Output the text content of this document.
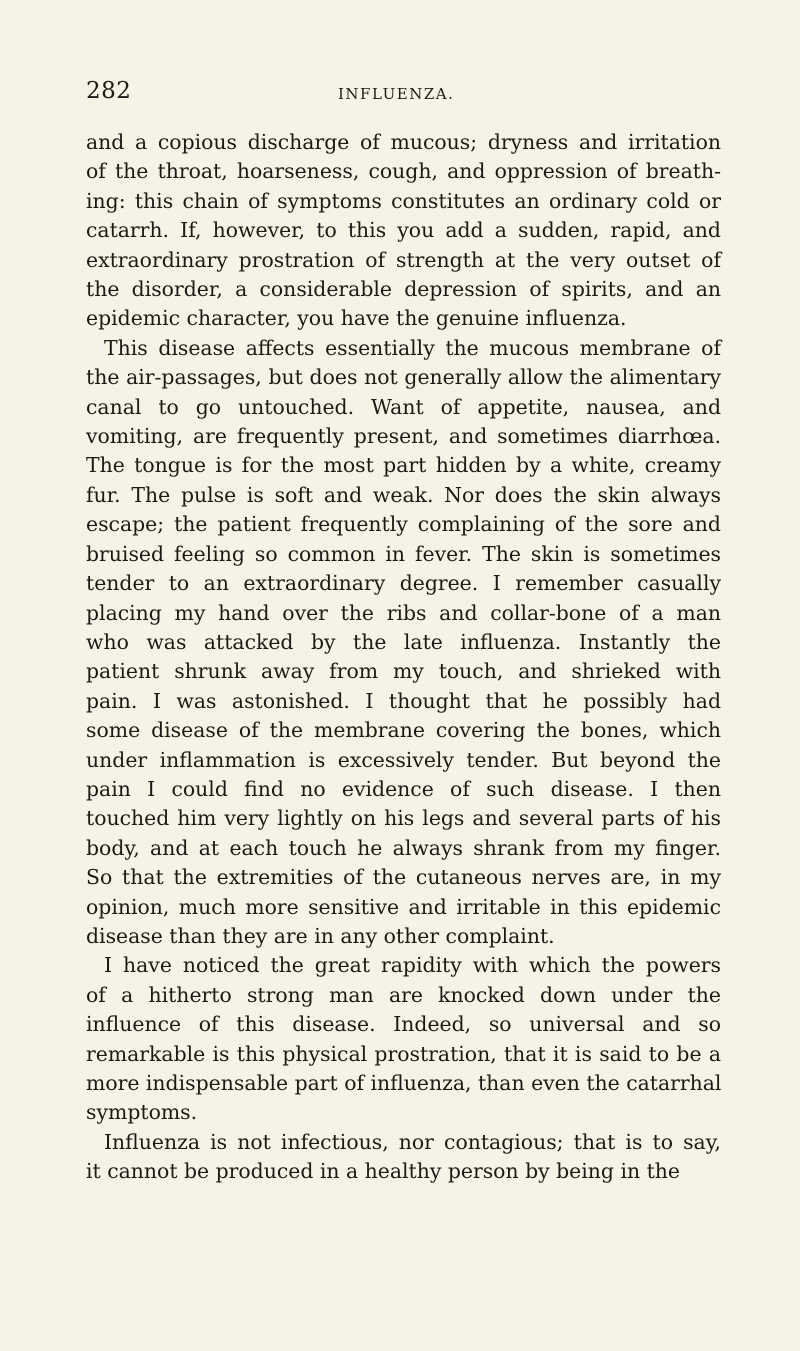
282	INFLUENZA.
and a copious discharge of mucous; dryness and irritation
of the throat, hoarseness, cough, and oppression of breath-
ing: this chain of symptoms constitutes an ordinary cold or
catarrh. If, however, to this you add a sudden, rapid, and
extraordinary prostration of strength at the very outset of
the disorder, a considerable depression of spirits, and an
epidemic character, you have the genuine influenza.
This disease affects essentially the mucous membrane of
the air-passages, but does not generally allow the alimentary
canal to go untouched. Want of appetite, nausea, and
vomiting, are frequently present, and sometimes diarrhœa.
The tongue is for the most part hidden by a white, creamy
fur. The pulse is soft and weak. Nor does the skin always
escape; the patient frequently complaining of the sore and
bruised feeling so common in fever. The skin is sometimes
tender to an extraordinary degree. I remember casually
placing my hand over the ribs and collar-bone of a man
who was attacked by the late influenza. Instantly the
patient shrunk away from my touch, and shrieked with
pain. I was astonished. I thought that he possibly had
some disease of the membrane covering the bones, which
under inflammation is excessively tender. But beyond the
pain I could find no evidence of such disease. I then
touched him very lightly on his legs and several parts of his
body, and at each touch he always shrank from my finger.
So that the extremities of the cutaneous nerves are, in my
opinion, much more sensitive and irritable in this epidemic
disease than they are in any other complaint.
I have noticed the great rapidity with which the powers
of a hitherto strong man are knocked down under the
influence of this disease. Indeed, so universal and so
remarkable is this physical prostration, that it is said to be a
more indispensable part of influenza, than even the catarrhal
symptoms.
Influenza is not infectious, nor contagious; that is to say,
it cannot be produced in a healthy person by being in the
